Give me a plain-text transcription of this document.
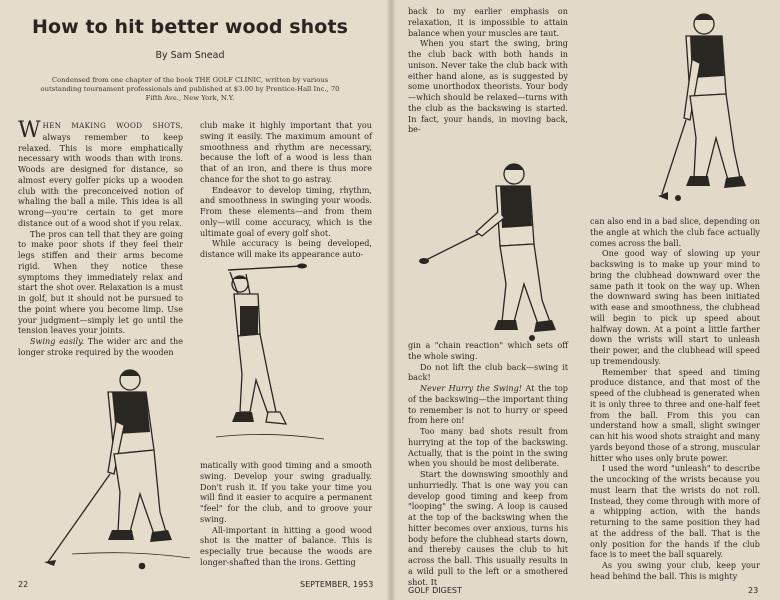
How to hit better wood shots
By Sam Snead
Condensed from one chapter of the book THE GOLF CLINIC, written by various outstanding tournament professionals and published at $3.00 by Prentice-Hall Inc., 70 Fifth Ave., New York, N.Y.

WHEN MAKING WOOD SHOTS, always remember to keep relaxed. This is more emphatically necessary with woods than with irons. Woods are designed for distance, so almost every golfer picks up a wooden club with the preconceived notion of whaling the ball a mile. This idea is all wrong—you're certain to get more distance out of a wood shot if you relax.

The pros can tell that they are going to make poor shots if they feel their legs stiffen and their arms become rigid. When they notice these symptoms they immediately relax and start the shot over. Relaxation is a must in golf, but it should not be pursued to the point where you become limp. Use your judgment—simply let go until the tension leaves your joints.

Swing easily. The wider arc and the longer stroke required by the wooden

club make it highly important that you swing it easily. The maximum amount of smoothness and rhythm are necessary, because the loft of a wood is less than that of an iron, and there is thus more chance for the shot to go astray.

Endeavor to develop timing, rhythm, and smoothness in swinging your woods. From these elements—and from them only—will come accuracy, which is the ultimate goal of every golf shot.

While accuracy is being developed, distance will make its appearance auto-

matically with good timing and a smooth swing. Develop your swing gradually. Don't rush it. If you take your time you will find it easier to acquire a permanent "feel" for the club, and to groove your swing.

All-important in hitting a good wood shot is the matter of balance. This is especially true because the woods are longer-shafted than the irons. Getting

22	SEPTEMBER, 1953

back to my earlier emphasis on relaxation, it is impossible to attain balance when your muscles are taut.

When you start the swing, bring the club back with both hands in unison. Never take the club back with either hand alone, as is suggested by some unorthodox theorists. Your body—which should be relaxed—turns with the club as the backswing is started. In fact, your hands, in moving back, be-

gin a "chain reaction" which sets off the whole swing.

Do not lift the club back—swing it back!

Never Hurry the Swing! At the top of the backswing—the important thing to remember is not to hurry or speed from here on!

Too many bad shots result from hurrying at the top of the backswing. Actually, that is the point in the swing when you should be most deliberate.

Start the downswing smoothly and unhurriedly. That is one way you can develop good timing and keep from "looping" the swing. A loop is caused at the top of the backswing when the hitter becomes over anxious, turns his body before the clubhead starts down, and thereby causes the club to hit across the ball. This usually results in a wild pull to the left or a smothered shot. It

can also end in a bad slice, depending on the angle at which the club face actually comes across the ball.

One good way of slowing up your backswing is to make up your mind to bring the clubhead downward over the same path it took on the way up. When the downward swing has been initiated with ease and smoothness, the clubhead will begin to pick up speed about halfway down. At a point a little farther down the wrists will start to unleash their power, and the clubhead will speed up tremendously.

Remember that speed and timing produce distance, and that most of the speed of the clubhead is generated when it is only three to three and one-half feet from the ball. From this you can understand how a small, slight swinger can hit his wood shots straight and many yards beyond those of a strong, muscular hitter who uses only brute power.

I used the word "unleash" to describe the uncocking of the wrists because you must learn that the wrists do not roll. Instead, they come through with more of a whipping action, with the hands returning to the same position they had at the address of the ball. That is the only position for the hands if the club face is to meet the ball squarely.

As you swing your club, keep your head behind the ball. This is mighty

GOLF DIGEST	23
